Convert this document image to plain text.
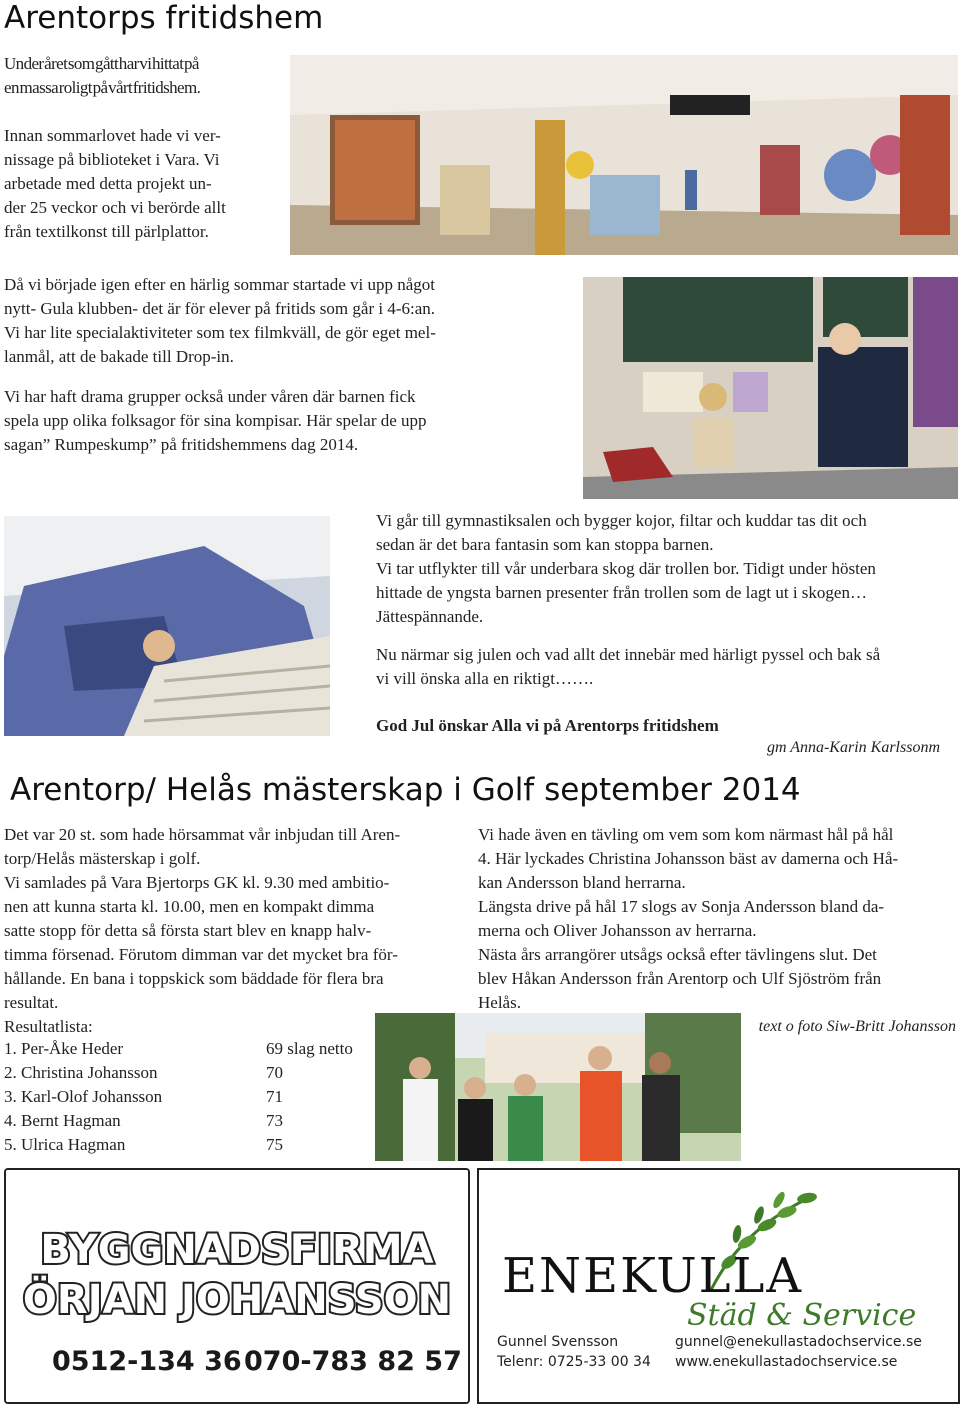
Arentorps fritidshem

Under året som gått har vi hittat på

en massa roligt på vårt fritidshem.

Innan sommarlovet hade vi ver-

nissage på biblioteket i Vara. Vi

arbetade med detta projekt un-

der 25 veckor och vi berörde allt

från textilkonst till pärlplattor.

Då vi började igen efter en härlig sommar startade vi upp något

nytt- Gula klubben- det är för elever på fritids som går i 4-6:an.

Vi har lite specialaktiviteter som tex filmkväll, de gör eget mel-

lanmål, att de bakade till Drop-in.

Vi har haft drama grupper också under våren där barnen fick

spela upp olika folksagor för sina kompisar. Här spelar de upp

sagan” Rumpeskump” på fritidshemmens dag 2014.

Vi går till gymnastiksalen och bygger kojor, filtar och kuddar tas dit och

sedan är det bara fantasin som kan stoppa barnen.

Vi tar utflykter till vår underbara skog där trollen bor. Tidigt under hösten

hittade de yngsta barnen presenter från trollen som de lagt ut i skogen…

Jättespännande.

Nu närmar sig julen och vad allt det innebär med härligt pyssel och bak så

vi vill önska alla en riktigt…….

God Jul önskar Alla vi på Arentorps fritidshem
gm Anna-Karin Karlssonm
Arentorp/ Helås mästerskap i Golf september 2014

Det var 20 st. som hade hörsammat vår inbjudan till Aren-

torp/Helås mästerskap i golf.

Vi samlades på Vara Bjertorps GK kl. 9.30 med ambitio-

nen att kunna starta kl. 10.00, men en kompakt dimma

satte stopp för detta så första start blev en knapp halv-

timma försenad. Förutom dimman var det mycket bra för-

hållande. En bana i toppskick som bäddade för flera bra

resultat.

Resultatlista:

1. Per-Åke Heder	69 slag netto
2. Christina Johansson	70
3. Karl-Olof Johansson	71
4. Bernt Hagman	73
5. Ulrica Hagman	75

Vi hade även en tävling om vem som kom närmast hål på hål

4. Här lyckades Christina Johansson bäst av damerna och Hå-

kan Andersson bland herrarna.

Längsta drive på hål 17 slogs av Sonja Andersson bland da-

merna och Oliver Johansson av herrarna.

Nästa års arrangörer utsågs också efter tävlingens slut. Det

blev Håkan Andersson från Arentorp och Ulf Sjöström från

Helås.

text o foto Siw-Britt Johansson
BYGGNADSFIRMA
ÖRJAN JOHANSSON
0512-134 36 070-783 82 57
ENEKULLA
Städ & Service
Gunnel Svensson
Telenr: 0725-33 00 34
gunnel@enekullastadochservice.se
www.enekullastadochservice.se
